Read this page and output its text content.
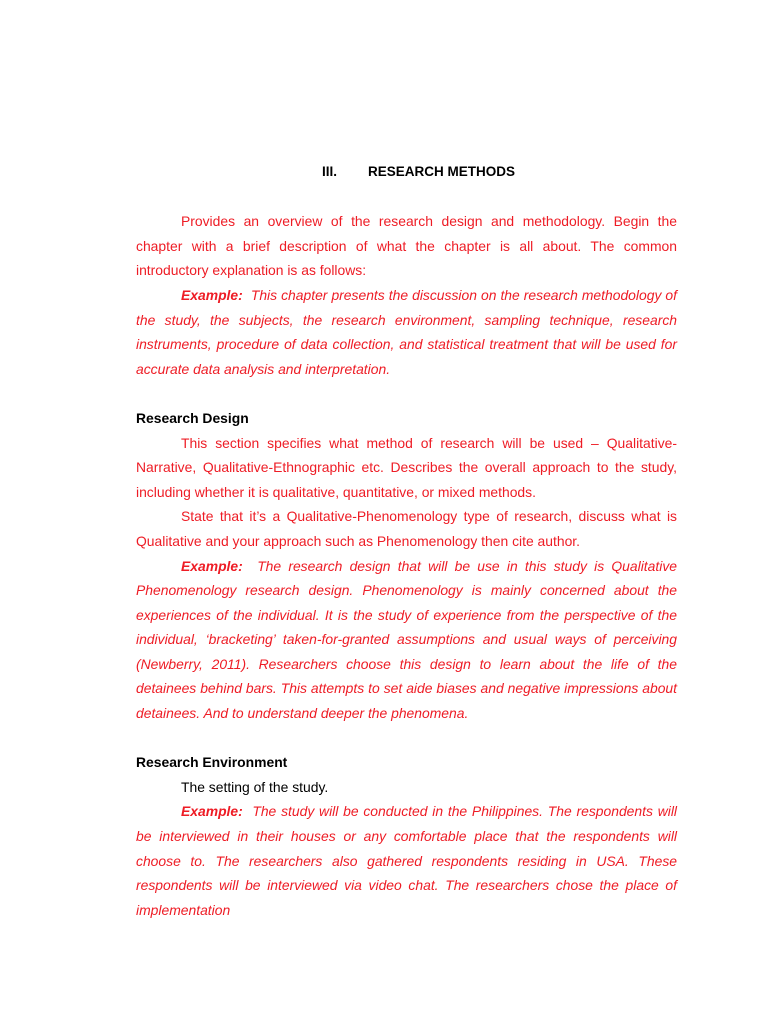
III. RESEARCH METHODS

Provides an overview of the research design and methodology. Begin the chapter with a brief description of what the chapter is all about. The common introductory explanation is as follows:

Example: This chapter presents the discussion on the research methodology of the study, the subjects, the research environment, sampling technique, research instruments, procedure of data collection, and statistical treatment that will be used for accurate data analysis and interpretation.

Research Design

This section specifies what method of research will be used – Qualitative-Narrative, Qualitative-Ethnographic etc. Describes the overall approach to the study, including whether it is qualitative, quantitative, or mixed methods.

State that it’s a Qualitative-Phenomenology type of research, discuss what is Qualitative and your approach such as Phenomenology then cite author.

Example: The research design that will be use in this study is Qualitative Phenomenology research design. Phenomenology is mainly concerned about the experiences of the individual. It is the study of experience from the perspective of the individual, ‘bracketing’ taken-for-granted assumptions and usual ways of perceiving (Newberry, 2011). Researchers choose this design to learn about the life of the detainees behind bars. This attempts to set aide biases and negative impressions about detainees. And to understand deeper the phenomena.

Research Environment

The setting of the study.

Example: The study will be conducted in the Philippines. The respondents will be interviewed in their houses or any comfortable place that the respondents will choose to. The researchers also gathered respondents residing in USA. These respondents will be interviewed via video chat. The researchers chose the place of implementation
